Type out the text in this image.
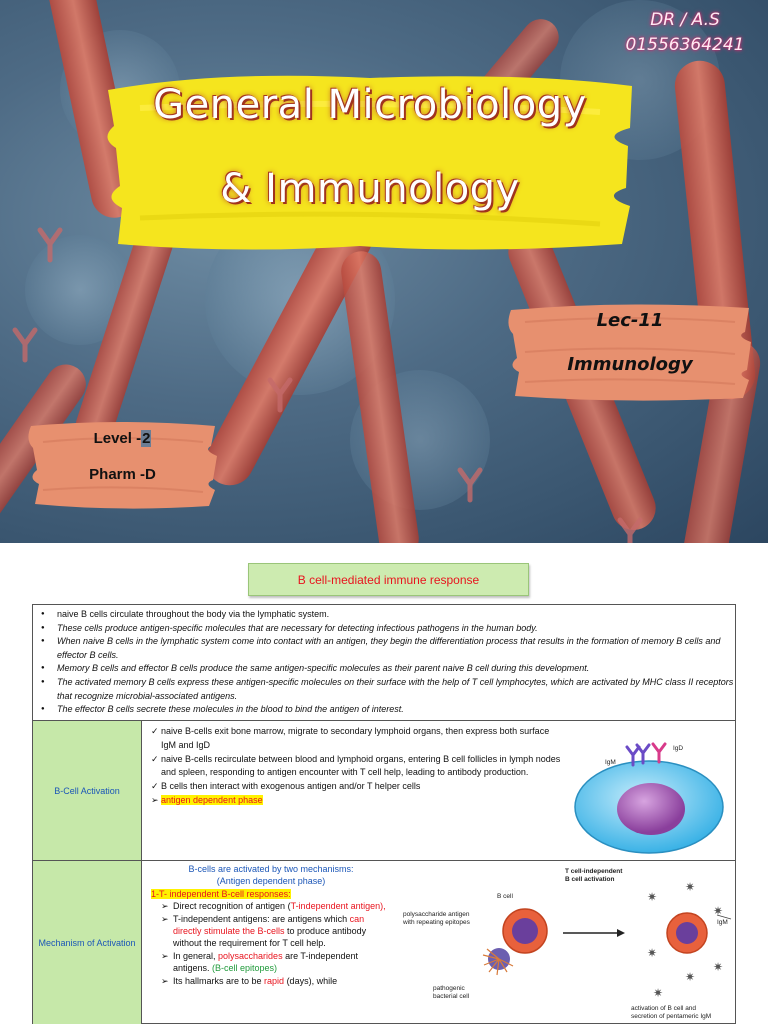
DR / A.S
01556364241
General Microbiology
& Immunology
Lec-11
Immunology
Level -2
Pharm -D
B cell-mediated immune response
● naive B cells circulate throughout the body via the lymphatic system.
● These cells produce antigen-specific molecules that are necessary for detecting infectious pathogens in the human body.
● When naive B cells in the lymphatic system come into contact with an antigen, they begin the differentiation process that results in the formation of memory B cells and effector B cells.
● Memory B cells and effector B cells produce the same antigen-specific molecules as their parent naive B cell during this development.
● The activated memory B cells express these antigen-specific molecules on their surface with the help of T cell lymphocytes, which are activated by MHC class II receptors that recognize microbial-associated antigens.
● The effector B cells secrete these molecules in the blood to bind the antigen of interest.
B-Cell Activation
✓ naive B-cells exit bone marrow, migrate to secondary lymphoid organs, then express both surface IgM and IgD
✓ naive B-cells recirculate between blood and lymphoid organs, entering B cell follicles in lymph nodes and spleen, responding to antigen encounter with T cell help, leading to antibody production.
✓ B cells then interact with exogenous antigen and/or T helper cells
➢ antigen dependent phase
IgD
IgM
Mechanism of Activation
B-cells are activated by two mechanisms:
(Antigen dependent phase)
1-T- independent B-cell responses:
➢ Direct recognition of antigen (T-independent antigen),
➢ T-independent antigens: are antigens which can directly stimulate the B-cells to produce antibody without the requirement for T cell help.
➢ In general, polysaccharides are T-independent antigens. (B-cell epitopes)
➢ Its hallmarks are to be rapid (days), while
✷
✷
✷
✷
✷
✷
✷
T cell-independent
B cell activation
B cell
polysaccharide antigen
with repeating epitopes
pathogenic
bacterial cell
IgM
activation of B cell and
secretion of pentameric IgM
